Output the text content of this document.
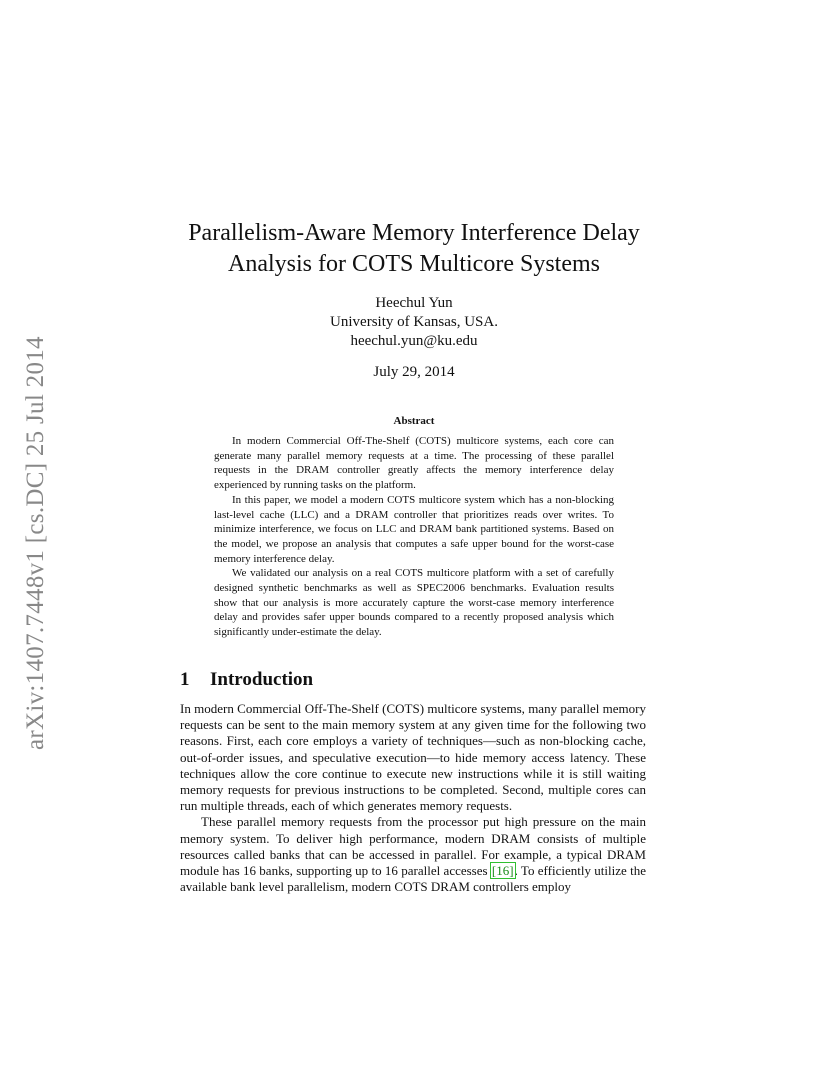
arXiv:1407.7448v1 [cs.DC] 25 Jul 2014
Parallelism-Aware Memory Interference Delay Analysis for COTS Multicore Systems
Heechul Yun
University of Kansas, USA.
heechul.yun@ku.edu
July 29, 2014
Abstract

In modern Commercial Off-The-Shelf (COTS) multicore systems, each core can generate many parallel memory requests at a time. The processing of these parallel requests in the DRAM controller greatly affects the memory interference delay experienced by running tasks on the platform.

In this paper, we model a modern COTS multicore system which has a non-blocking last-level cache (LLC) and a DRAM controller that prioritizes reads over writes. To minimize interference, we focus on LLC and DRAM bank partitioned systems. Based on the model, we propose an analysis that computes a safe upper bound for the worst-case memory interference delay.

We validated our analysis on a real COTS multicore platform with a set of carefully designed synthetic benchmarks as well as SPEC2006 benchmarks. Evaluation results show that our analysis is more accurately capture the worst-case memory interference delay and provides safer upper bounds compared to a recently proposed analysis which significantly under-estimate the delay.

1 Introduction

In modern Commercial Off-The-Shelf (COTS) multicore systems, many parallel memory requests can be sent to the main memory system at any given time for the following two reasons. First, each core employs a variety of techniques—such as non-blocking cache, out-of-order issues, and speculative execution—to hide memory access latency. These techniques allow the core continue to execute new instructions while it is still waiting memory requests for previous instructions to be completed. Second, multiple cores can run multiple threads, each of which generates memory requests.

These parallel memory requests from the processor put high pressure on the main memory system. To deliver high performance, modern DRAM consists of multiple resources called banks that can be accessed in parallel. For example, a typical DRAM module has 16 banks, supporting up to 16 parallel accesses [16]. To efficiently utilize the available bank level parallelism, modern COTS DRAM controllers employ
